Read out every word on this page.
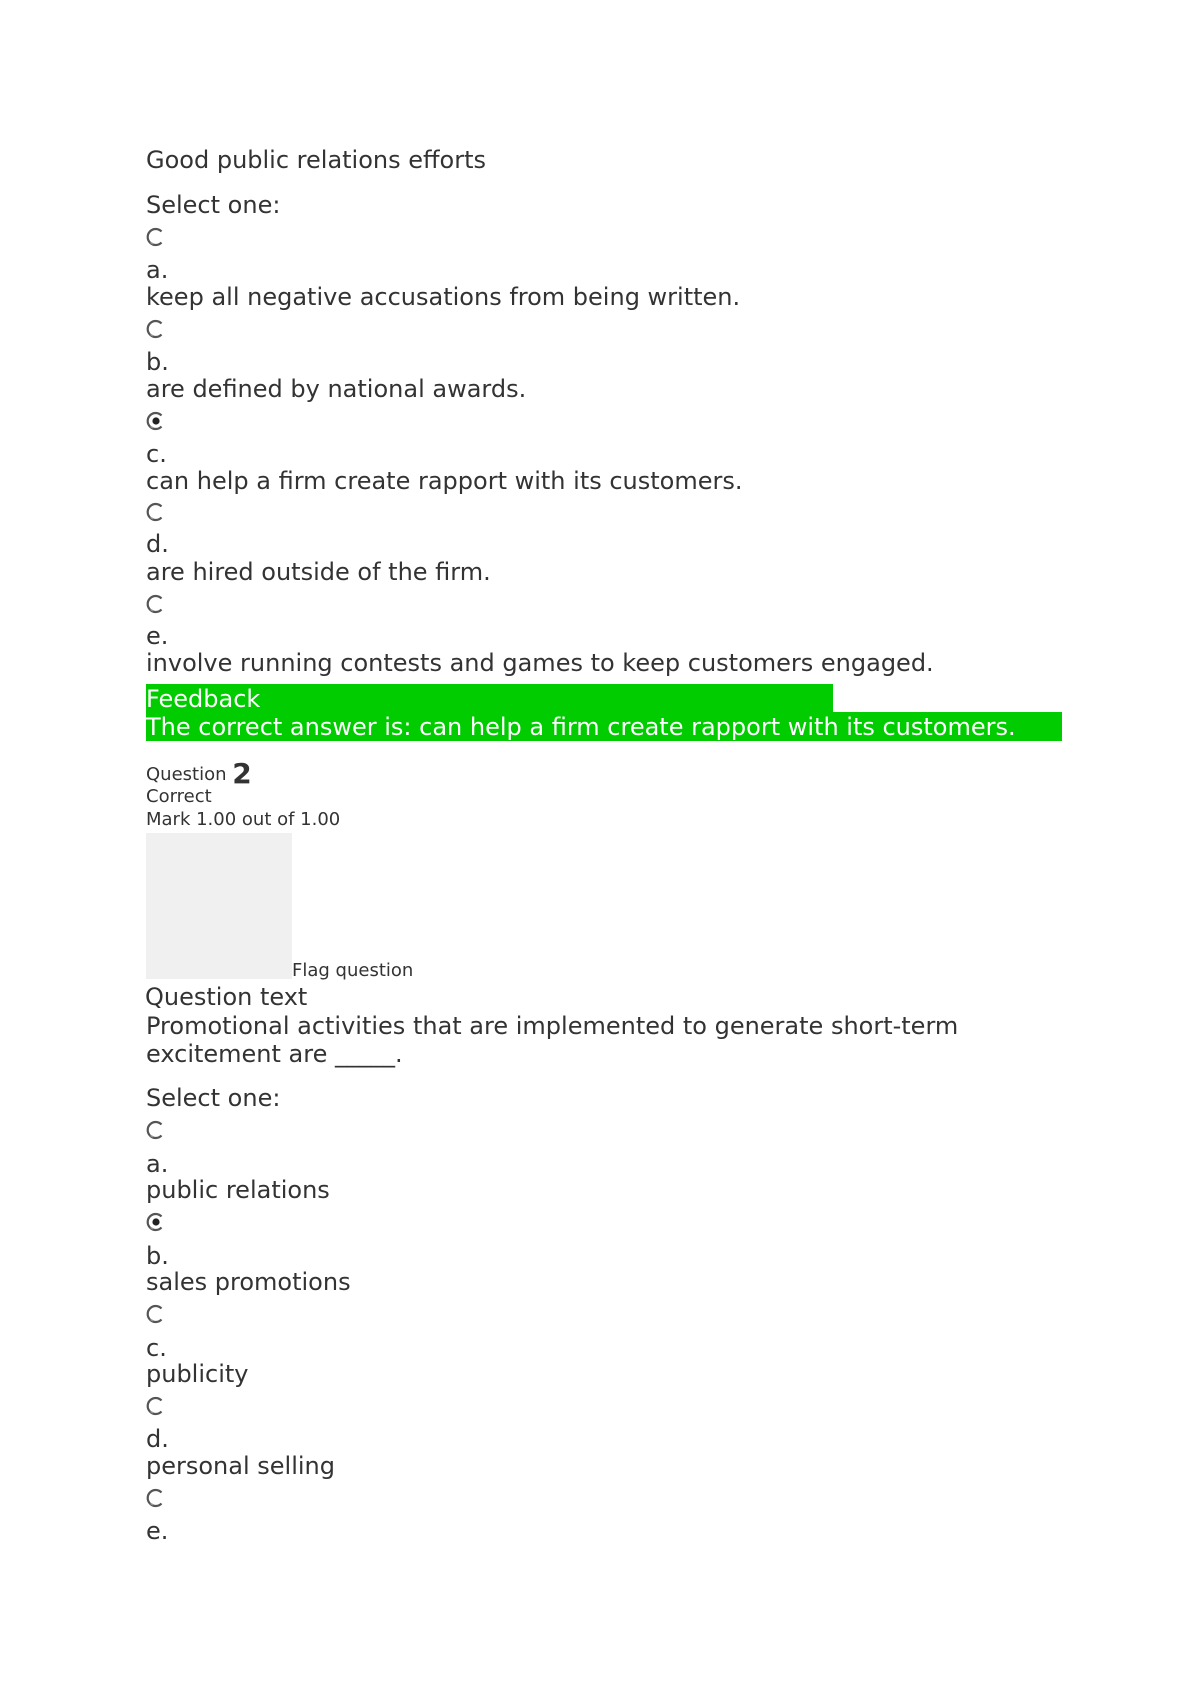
Good public relations efforts
Select one:
a.
keep all negative accusations from being written.
b.
are defined by national awards.
c.
can help a firm create rapport with its customers.
d.
are hired outside of the firm.
e.
involve running contests and games to keep customers engaged.
Feedback
The correct answer is: can help a firm create rapport with its customers.
Question 2
Correct
Mark 1.00 out of 1.00
Flag question
Question text
Promotional activities that are implemented to generate short-term
excitement are _____.
Select one:
a.
public relations
b.
sales promotions
c.
publicity
d.
personal selling
e.
